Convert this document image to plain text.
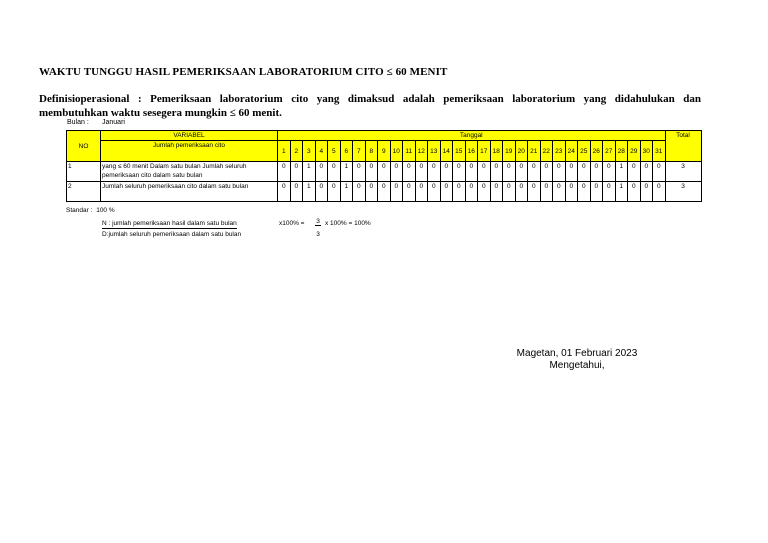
WAKTU TUNGGU HASIL PEMERIKSAAN LABORATORIUM CITO ≤ 60 MENIT
Definisioperasional : Pemeriksaan laboratorium cito yang dimaksud adalah pemeriksaan laboratorium yang didahulukan dan
membutuhkan waktu sesegera mungkin ≤ 60 menit.
Bulan : Januari
NO	VARIABEL	Tanggal																															Total
	Jumlah pemeriksaan cito																																
		1	2	3	4	5	6	7	8	9	10	11	12	13	14	15	16	17	18	19	20	21	22	23	24	25	26	27	28	29	30	31	
1	yang ≤ 60 menit Dalam satu bulan Jumlah seluruh pemeriksaan cito dalam satu bulan	0	0	1	0	0	1	0	0	0	0	0	0	0	0	0	0	0	0	0	0	0	0	0	0	0	0	0	1	0	0	0	3
2	Jumlah seluruh pemeriksaan cito dalam satu bulan	0	0	1	0	0	1	0	0	0	0	0	0	0	0	0	0	0	0	0	0	0	0	0	0	0	0	0	1	0	0	0	3
Standar : 100 %
N : jumlah pemeriksaan hasil dalam satu bulan
D:jumlah seluruh pemeriksaan dalam satu bulan
x100% = 3
3
x 100% = 100%
Magetan, 01 Februari 2023
Mengetahui,
